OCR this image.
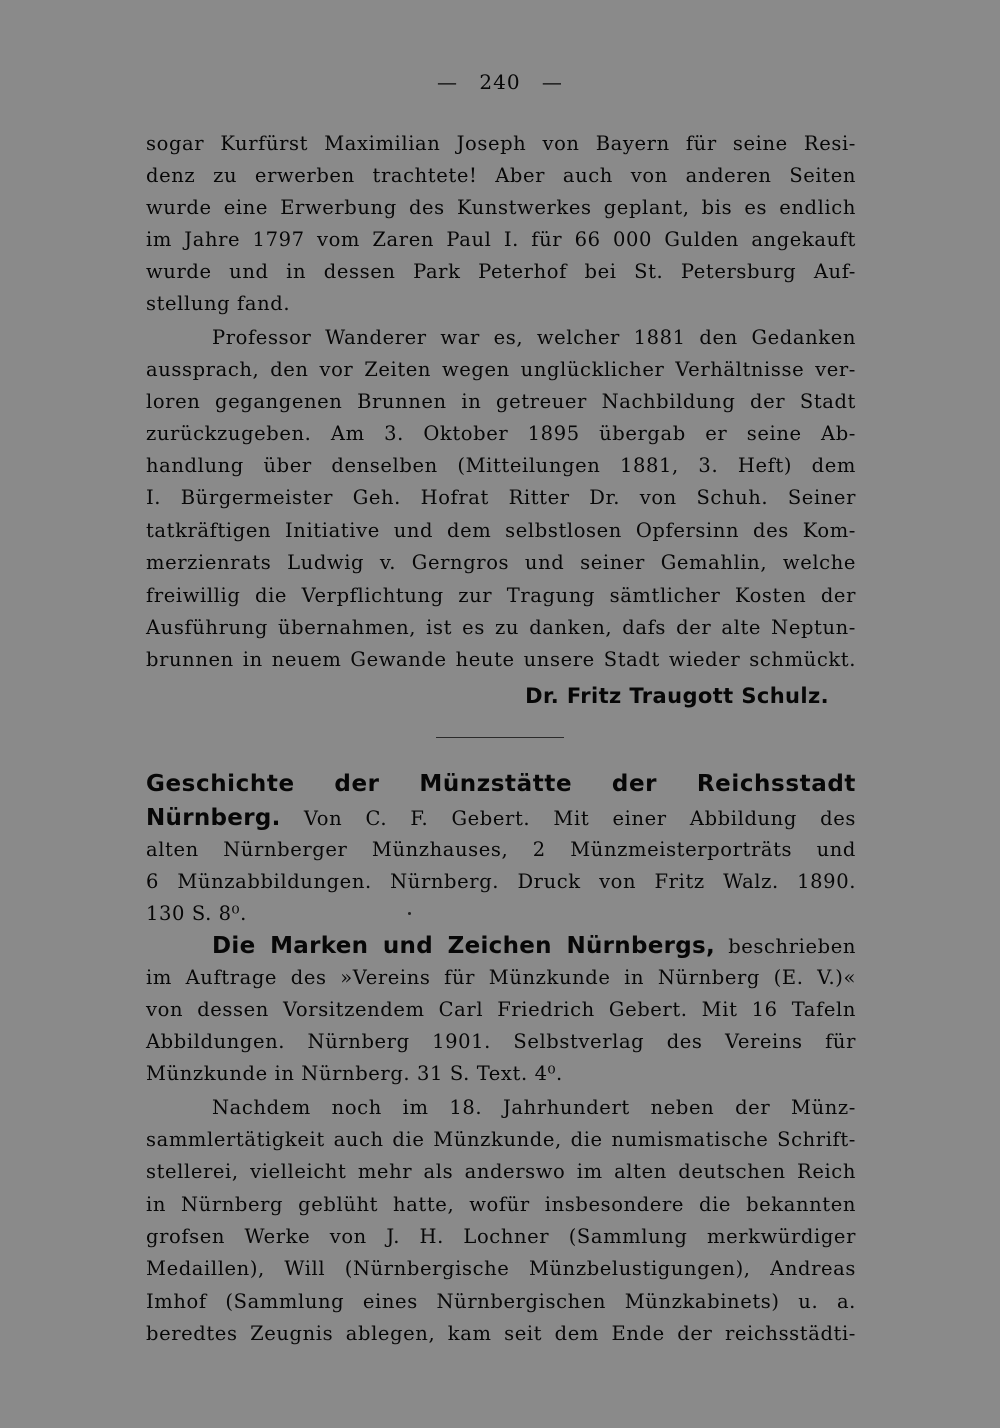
— 240 —
sogar Kurfürst Maximilian Joseph von Bayern für seine Resi-
denz zu erwerben trachtete! Aber auch von anderen Seiten
wurde eine Erwerbung des Kunstwerkes geplant, bis es endlich
im Jahre 1797 vom Zaren Paul I. für 66 000 Gulden angekauft
wurde und in dessen Park Peterhof bei St. Petersburg Auf-
stellung fand.
Professor Wanderer war es, welcher 1881 den Gedanken
aussprach, den vor Zeiten wegen unglücklicher Verhältnisse ver-
loren gegangenen Brunnen in getreuer Nachbildung der Stadt
zurückzugeben. Am 3. Oktober 1895 übergab er seine Ab-
handlung über denselben (Mitteilungen 1881, 3. Heft) dem
I. Bürgermeister Geh. Hofrat Ritter Dr. von Schuh. Seiner
tatkräftigen Initiative und dem selbstlosen Opfersinn des Kom-
merzienrats Ludwig v. Gerngros und seiner Gemahlin, welche
freiwillig die Verpflichtung zur Tragung sämtlicher Kosten der
Ausführung übernahmen, ist es zu danken, dafs der alte Neptun-
brunnen in neuem Gewande heute unsere Stadt wieder schmückt.
Dr. Fritz Traugott Schulz.
Geschichte der Münzstätte der Reichsstadt
Nürnberg. Von C. F. Gebert. Mit einer Abbildung des
alten Nürnberger Münzhauses, 2 Münzmeisterporträts und
6 Münzabbildungen. Nürnberg. Druck von Fritz Walz. 1890.
130 S. 8⁰.
Die Marken und Zeichen Nürnbergs, beschrieben
im Auftrage des »Vereins für Münzkunde in Nürnberg (E. V.)«
von dessen Vorsitzendem Carl Friedrich Gebert. Mit 16 Tafeln
Abbildungen. Nürnberg 1901. Selbstverlag des Vereins für
Münzkunde in Nürnberg. 31 S. Text. 4⁰.
Nachdem noch im 18. Jahrhundert neben der Münz-
sammlertätigkeit auch die Münzkunde, die numismatische Schrift-
stellerei, vielleicht mehr als anderswo im alten deutschen Reich
in Nürnberg geblüht hatte, wofür insbesondere die bekannten
grofsen Werke von J. H. Lochner (Sammlung merkwürdiger
Medaillen), Will (Nürnbergische Münzbelustigungen), Andreas
Imhof (Sammlung eines Nürnbergischen Münzkabinets) u. a.
beredtes Zeugnis ablegen, kam seit dem Ende der reichsstädti-
